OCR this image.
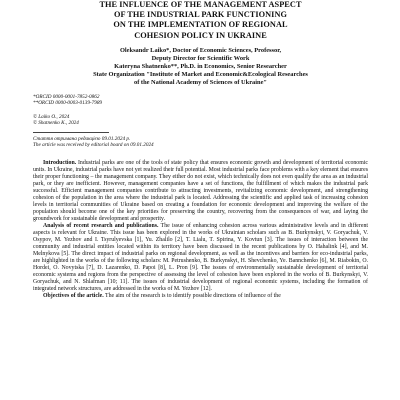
THE INFLUENCE OF THE MANAGEMENT ASPECT
OF THE INDUSTRIAL PARK FUNCTIONING
ON THE IMPLEMENTATION OF REGIONAL
COHESION POLICY IN UKRAINE
Oleksandr Laiko*, Doctor of Economic Sciences, Professor,
Deputy Director for Scientific Work
Kateryna Shatnenko**, Ph.D. in Economics, Senior Researcher
State Organization "Institute of Market and Economic&Ecological Researches
of the National Academy of Sciences of Ukraine"
*ORCID 0000-0001-7852-0862
**ORCID 0000-0003-0139-7989
© Laiko O., 2024
© Shatnenko K., 2024
Стаття отримана редакцією 09.01.2024 р.
The article was received by editorial board on 09.01.2024

Introduction. Industrial parks are one of the tools of state policy that ensures economic growth and development of territorial economic units. In Ukraine, industrial parks have not yet realized their full potential. Most industrial parks face problems with a key element that ensures their proper functioning – the management company. They either do not exist, which technically does not even qualify the area as an industrial park, or they are inefficient. However, management companies have a set of functions, the fulfillment of which makes the industrial park successful. Efficient management companies contribute to attracting investments, revitalizing economic development, and strengthening cohesion of the population in the area where the industrial park is located. Addressing the scientific and applied task of increasing cohesion levels in territorial communities of Ukraine based on creating a foundation for economic development and improving the welfare of the population should become one of the key priorities for preserving the country, recovering from the consequences of war, and laying the groundwork for sustainable development and prosperity.

Analysis of recent research and publications. The issue of enhancing cohesion across various administrative levels and in different aspects is relevant for Ukraine. This issue has been explored in the works of Ukrainian scholars such as B. Burkynskyi, V. Goryachuk, V. Osypov, M. Yezhov and I. Tsyrulyevska [1], Yu. Zhalilo [2], T. Lialu, T. Spirina, Y. Kovtun [3]. The issues of interaction between the community and industrial entities located within its territory have been discussed in the recent publications by O. Hahalink [4], and M. Melnykova [5]. The direct impact of industrial parks on regional development, as well as the incentives and barriers for eco-industrial parks, are highlighted in the works of the following scholars: M. Petrushenko, B. Burkynskyi, H. Shevchenko, Ye. Bannchenko [6], M. Riabokin, O. Hordei, O. Novytska [7], D. Lazarenko, D. Papoi [8], L. Pron [9]. The issues of environmentally sustainable development of territorial economic systems and regions from the perspective of assessing the level of cohesion have been explored in the works of B. Burkynskyi, V. Goryachuk, and N. Shlafman [10; 11]. The issues of industrial development of regional economic systems, including the formation of integrated network structures, are addressed in the works of M. Yezhov [12].

Objectives of the article. The aim of the research is to identify possible directions of influence of the
